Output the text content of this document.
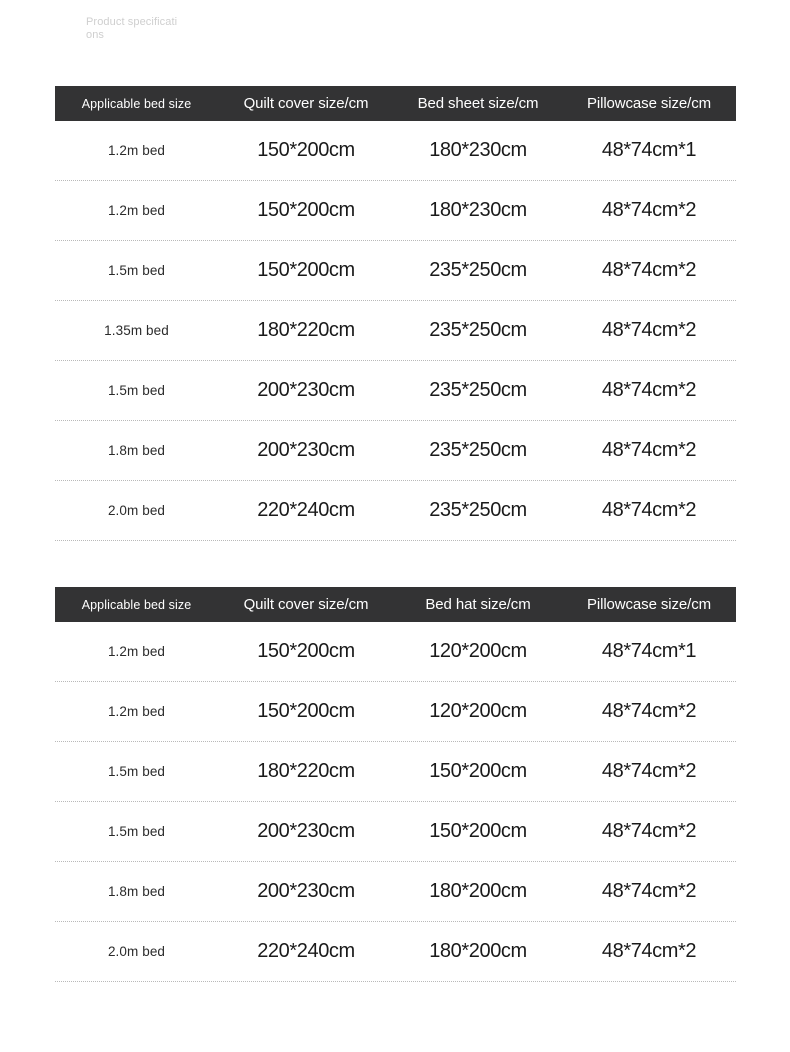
Product specifications
Applicable bed size	Quilt cover size/cm	Bed sheet size/cm	Pillowcase size/cm
1.2m bed	150*200cm	180*230cm	48*74cm*1
1.2m bed	150*200cm	180*230cm	48*74cm*2
1.5m bed	150*200cm	235*250cm	48*74cm*2
1.35m bed	180*220cm	235*250cm	48*74cm*2
1.5m bed	200*230cm	235*250cm	48*74cm*2
1.8m bed	200*230cm	235*250cm	48*74cm*2
2.0m bed	220*240cm	235*250cm	48*74cm*2
Applicable bed size	Quilt cover size/cm	Bed hat size/cm	Pillowcase size/cm
1.2m bed	150*200cm	120*200cm	48*74cm*1
1.2m bed	150*200cm	120*200cm	48*74cm*2
1.5m bed	180*220cm	150*200cm	48*74cm*2
1.5m bed	200*230cm	150*200cm	48*74cm*2
1.8m bed	200*230cm	180*200cm	48*74cm*2
2.0m bed	220*240cm	180*200cm	48*74cm*2
